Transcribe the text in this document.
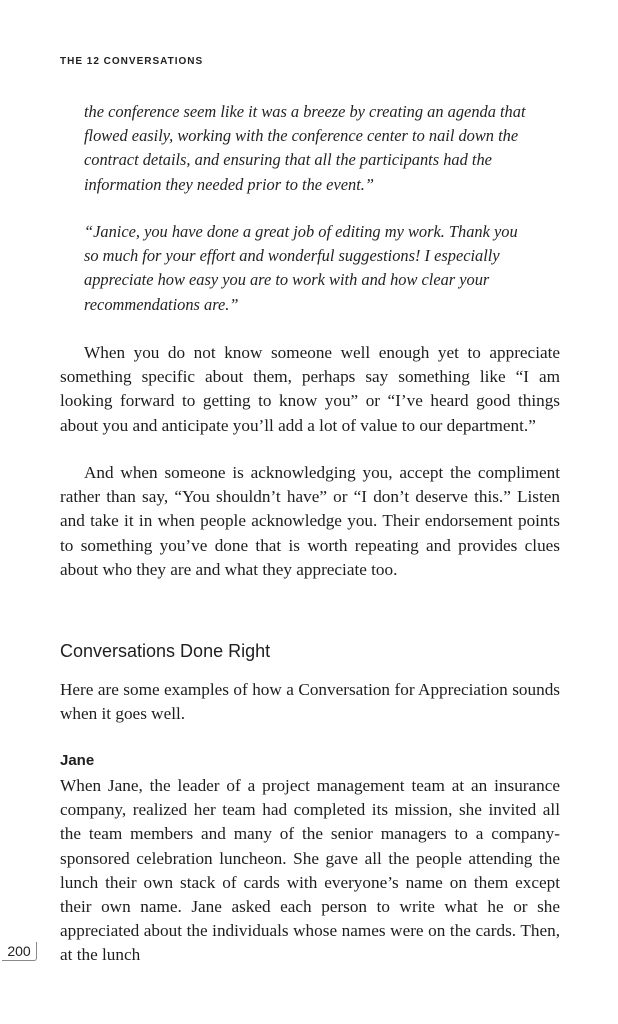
THE 12 CONVERSATIONS

the conference seem like it was a breeze by creating an agenda that flowed easily, working with the conference center to nail down the contract details, and ensuring that all the participants had the information they needed prior to the event.”

“Janice, you have done a great job of editing my work. Thank you so much for your effort and wonderful suggestions! I especially appreciate how easy you are to work with and how clear your recommendations are.”

When you do not know someone well enough yet to appreciate something specific about them, perhaps say something like “I am looking forward to getting to know you” or “I’ve heard good things about you and anticipate you’ll add a lot of value to our department.”

And when someone is acknowledging you, accept the compliment rather than say, “You shouldn’t have” or “I don’t deserve this.” Listen and take it in when people acknowledge you. Their endorsement points to something you’ve done that is worth repeating and provides clues about who they are and what they appreciate too.

Conversations Done Right

Here are some examples of how a Conversation for Appreciation sounds when it goes well.

Jane

When Jane, the leader of a project management team at an insurance company, realized her team had completed its mission, she invited all the team members and many of the senior managers to a company-sponsored celebration luncheon. She gave all the people attending the lunch their own stack of cards with everyone’s name on them except their own name. Jane asked each person to write what he or she appreciated about the individuals whose names were on the cards. Then, at the lunch

200
